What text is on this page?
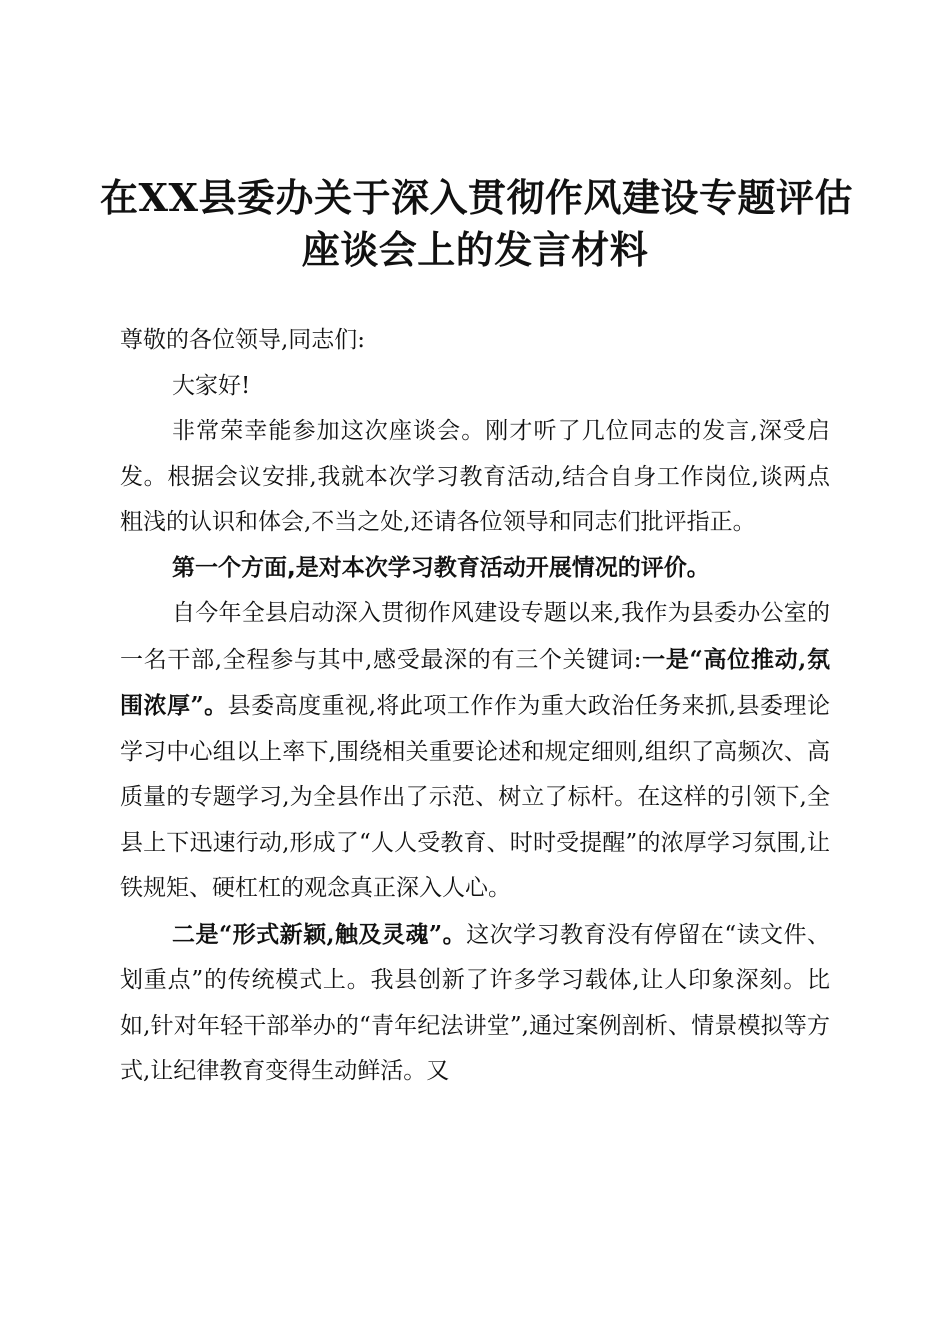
在XX县委办关于深入贯彻作风建设专题评估
座谈会上的发言材料

尊敬的各位领导,同志们:

大家好!

非常荣幸能参加这次座谈会。刚才听了几位同志的发言,深受启发。根据会议安排,我就本次学习教育活动,结合自身工作岗位,谈两点粗浅的认识和体会,不当之处,还请各位领导和同志们批评指正。

第一个方面,是对本次学习教育活动开展情况的评价。

自今年全县启动深入贯彻作风建设专题以来,我作为县委办公室的一名干部,全程参与其中,感受最深的有三个关键词:一是“高位推动,氛围浓厚”。县委高度重视,将此项工作作为重大政治任务来抓,县委理论学习中心组以上率下,围绕相关重要论述和规定细则,组织了高频次、高质量的专题学习,为全县作出了示范、树立了标杆。在这样的引领下,全县上下迅速行动,形成了“人人受教育、时时受提醒”的浓厚学习氛围,让铁规矩、硬杠杠的观念真正深入人心。

二是“形式新颖,触及灵魂”。这次学习教育没有停留在“读文件、划重点”的传统模式上。我县创新了许多学习载体,让人印象深刻。比如,针对年轻干部举办的“青年纪法讲堂”,通过案例剖析、情景模拟等方式,让纪律教育变得生动鲜活。又
